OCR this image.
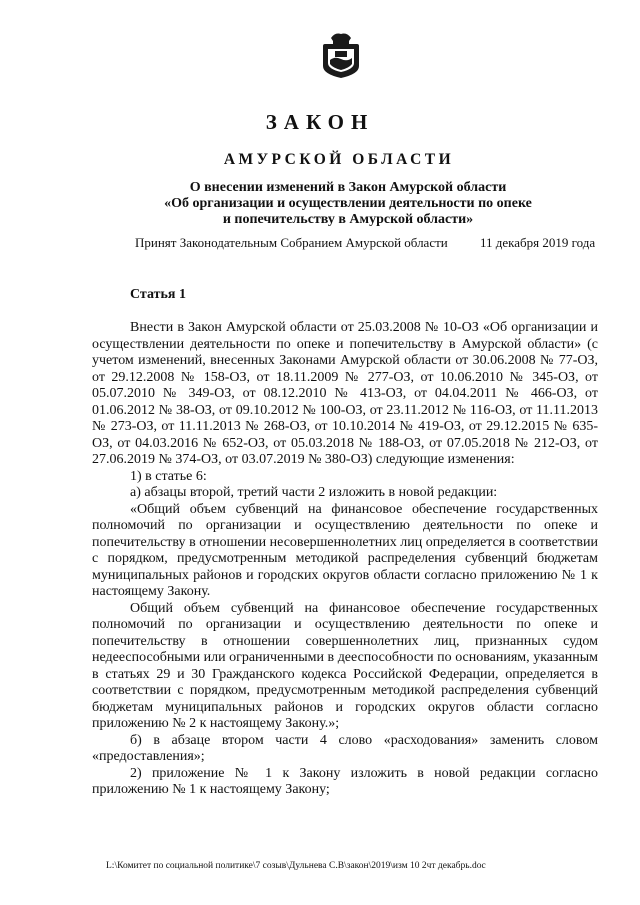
ЗАКОН
АМУРСКОЙ ОБЛАСТИ
О внесении изменений в Закон Амурской области
«Об организации и осуществлении деятельности по опеке
и попечительству в Амурской области»
Принят Законодательным Собранием Амурской области 11 декабря 2019 года
Статья 1

Внести в Закон Амурской области от 25.03.2008 № 10-ОЗ «Об организации и осуществлении деятельности по опеке и попечительству в Амурской области» (с учетом изменений, внесенных Законами Амурской области от 30.06.2008 № 77-ОЗ, от 29.12.2008 № 158-ОЗ, от 18.11.2009 № 277-ОЗ, от 10.06.2010 № 345-ОЗ, от 05.07.2010 № 349-ОЗ, от 08.12.2010 № 413-ОЗ, от 04.04.2011 № 466-ОЗ, от 01.06.2012 № 38-ОЗ, от 09.10.2012 № 100-ОЗ, от 23.11.2012 № 116-ОЗ, от 11.11.2013 № 273-ОЗ, от 11.11.2013 № 268-ОЗ, от 10.10.2014 № 419-ОЗ, от 29.12.2015 № 635-ОЗ, от 04.03.2016 № 652-ОЗ, от 05.03.2018 № 188-ОЗ, от 07.05.2018 № 212-ОЗ, от 27.06.2019 № 374-ОЗ, от 03.07.2019 № 380-ОЗ) следующие изменения:

1) в статье 6:

а) абзацы второй, третий части 2 изложить в новой редакции:

«Общий объем субвенций на финансовое обеспечение государственных полномочий по организации и осуществлению деятельности по опеке и попечительству в отношении несовершеннолетних лиц определяется в соответствии с порядком, предусмотренным методикой распределения субвенций бюджетам муниципальных районов и городских округов области согласно приложению № 1 к настоящему Закону.

Общий объем субвенций на финансовое обеспечение государственных полномочий по организации и осуществлению деятельности по опеке и попечительству в отношении совершеннолетних лиц, признанных судом недееспособными или ограниченными в дееспособности по основаниям, указанным в статьях 29 и 30 Гражданского кодекса Российской Федерации, определяется в соответствии с порядком, предусмотренным методикой распределения субвенций бюджетам муниципальных районов и городских округов области согласно приложению № 2 к настоящему Закону.»;

б) в абзаце втором части 4 слово «расходования» заменить словом «предоставления»;

2) приложение № 1 к Закону изложить в новой редакции согласно приложению № 1 к настоящему Закону;

L:\Комитет по социальной политике\7 созыв\Дульнева С.В\закон\2019\изм 10 2чт декабрь.doc
